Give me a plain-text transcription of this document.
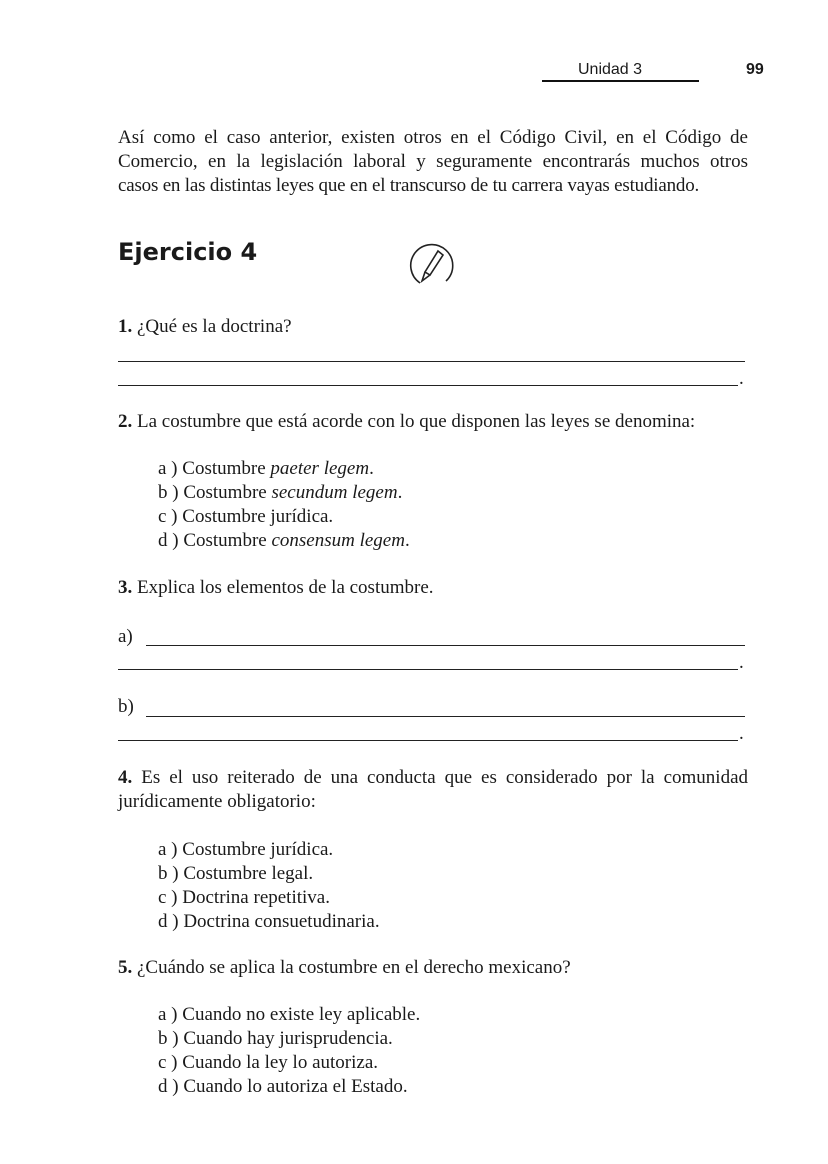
Unidad 3	99
Así como el caso anterior, existen otros en el Código Civil, en el Código de
Comercio, en la legislación laboral y seguramente encontrarás muchos otros
casos en las distintas leyes que en el transcurso de tu carrera vayas estudiando.
Ejercicio 4
1. ¿Qué es la doctrina?
.
2. La costumbre que está acorde con lo que disponen las leyes se denomina:
a ) Costumbre paeter legem.
b ) Costumbre secundum legem.
c ) Costumbre jurídica.
d ) Costumbre consensum legem.
3. Explica los elementos de la costumbre.
a)
.
b)
.
4. Es el uso reiterado de una conducta que es considerado por la comunidad
jurídicamente obligatorio:
a ) Costumbre jurídica.
b ) Costumbre legal.
c ) Doctrina repetitiva.
d ) Doctrina consuetudinaria.
5. ¿Cuándo se aplica la costumbre en el derecho mexicano?
a ) Cuando no existe ley aplicable.
b ) Cuando hay jurisprudencia.
c ) Cuando la ley lo autoriza.
d ) Cuando lo autoriza el Estado.
